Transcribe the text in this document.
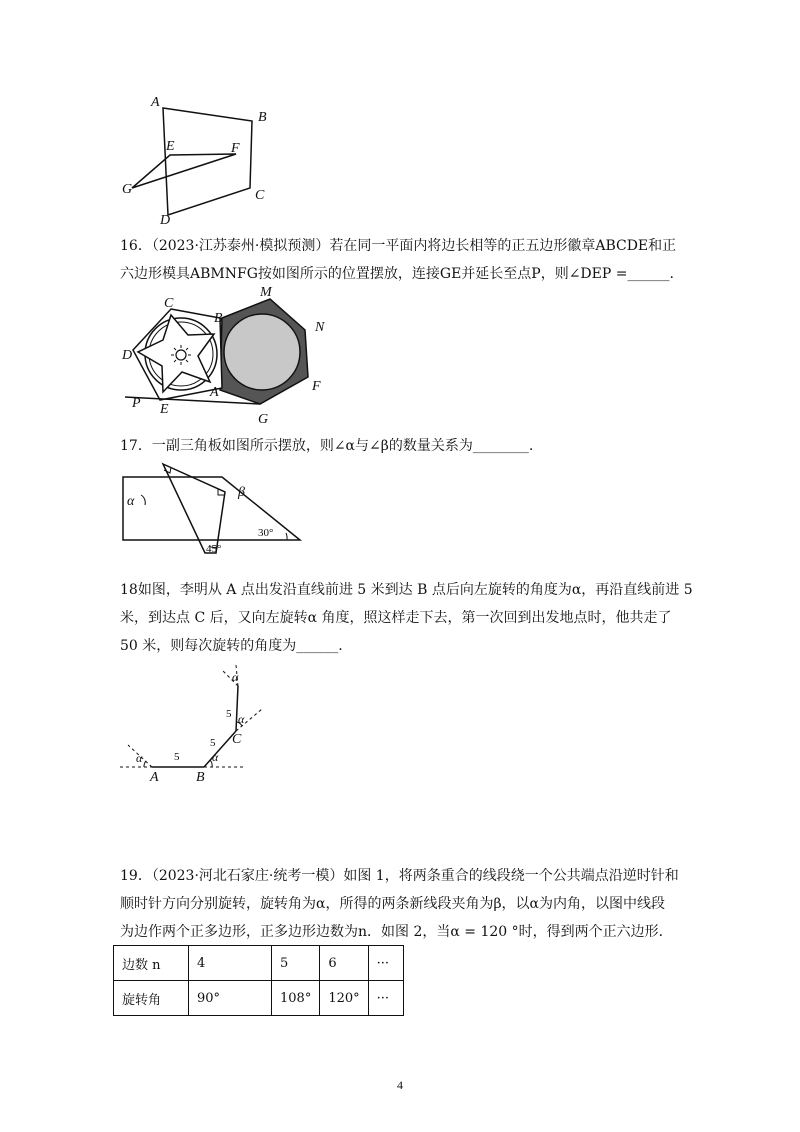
A
B
E	F
G	C
D
16．（2023·江苏泰州·模拟预测）若在同一平面内将边长相等的正五边形徽章ABCDE和正
六边形模具ABMNFG按如图所示的位置摆放，连接GE并延长至点P，则∠DEP =______.
C
B
M
N
D
A	F
P E
G
17．一副三角板如图所示摆放，则∠α与∠β的数量关系为________.
α
β
30°
45°
18如图，李明从 A 点出发沿直线前进 5 米到达 B 点后向左旋转的角度为α，再沿直线前进 5
米，到达点 C 后，又向左旋转α 角度，照这样走下去，第一次回到出发地点时，他共走了
50 米，则每次旋转的角度为______.
A	B
C
5
5
5
α	α
α
α
19．（2023·河北石家庄·统考一模）如图 1，将两条重合的线段绕一个公共端点沿逆时针和
顺时针方向分别旋转，旋转角为α，所得的两条新线段夹角为β，以α为内角，以图中线段
为边作两个正多边形，正多边形边数为n．如图 2，当α = 120 °时，得到两个正六边形．
边数 n	4	5	6	···
旋转角	90°	108°	120°	···
4
